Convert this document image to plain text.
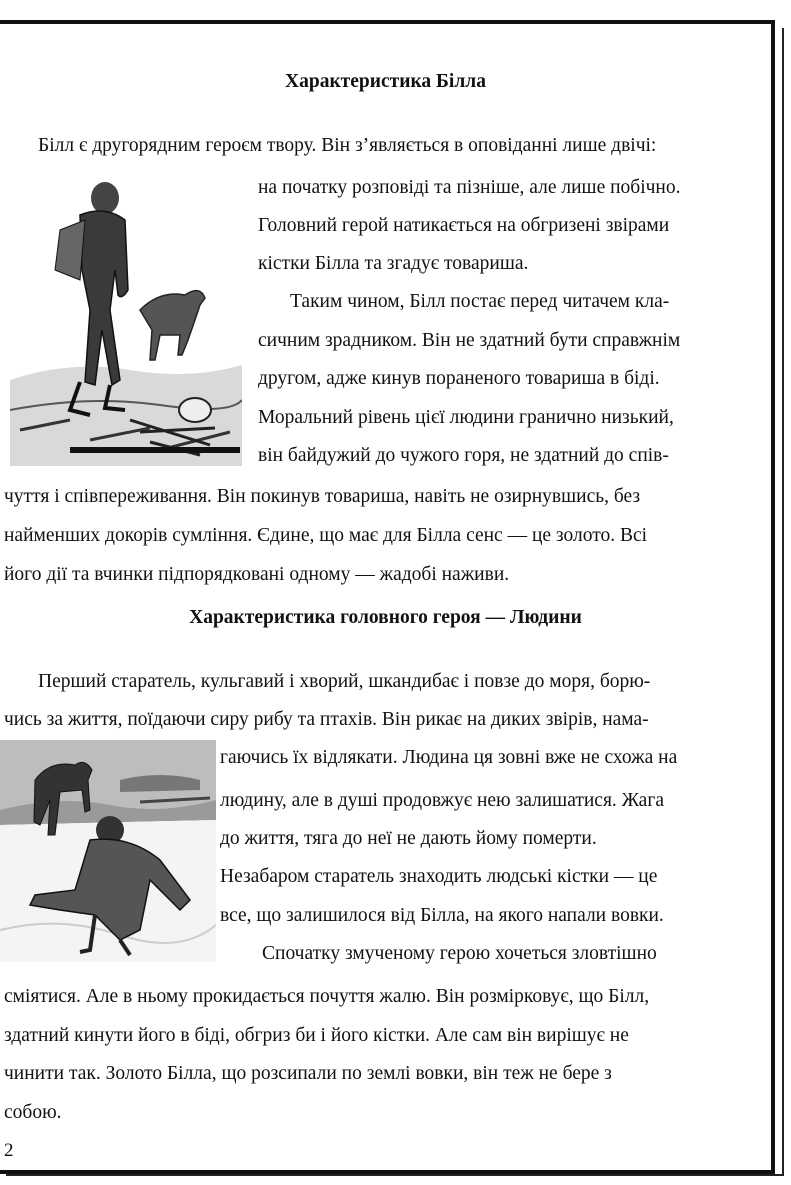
Характеристика Білла
Білл є другорядним героєм твору. Він з’являється в оповіданні лише двічі:
на початку розповіді та пізніше, але лише побічно.
Головний герой натикається на обгризені звірами
кістки Білла та згадує товариша.
Таким чином, Білл постає перед читачем кла-
сичним зрадником. Він не здатний бути справжнім
другом, адже кинув пораненого товариша в біді.
Моральний рівень цієї людини гранично низький,
він байдужий до чужого горя, не здатний до спів-
чуття і співпереживання. Він покинув товариша, навіть не озирнувшись, без
найменших докорів сумління. Єдине, що має для Білла сенс — це золото. Всі
його дії та вчинки підпорядковані одному — жадобі наживи.
Характеристика головного героя — Людини
Перший старатель, кульгавий і хворий, шкандибає і повзе до моря, борю-
чись за життя, поїдаючи сиру рибу та птахів. Він рикає на диких звірів, нама-
гаючись їх відлякати. Людина ця зовні вже не схожа на
людину, але в душі продовжує нею залишатися. Жага
до життя, тяга до неї не дають йому померти.
Незабаром старатель знаходить людські кістки — це
все, що залишилося від Білла, на якого напали вовки.
Спочатку змученому герою хочеться зловтішно
сміятися. Але в ньому прокидається почуття жалю. Він розмірковує, що Білл,
здатний кинути його в біді, обгриз би і його кістки. Але сам він вирішує не
чинити так. Золото Білла, що розсипали по землі вовки, він теж не бере з
собою.
2
